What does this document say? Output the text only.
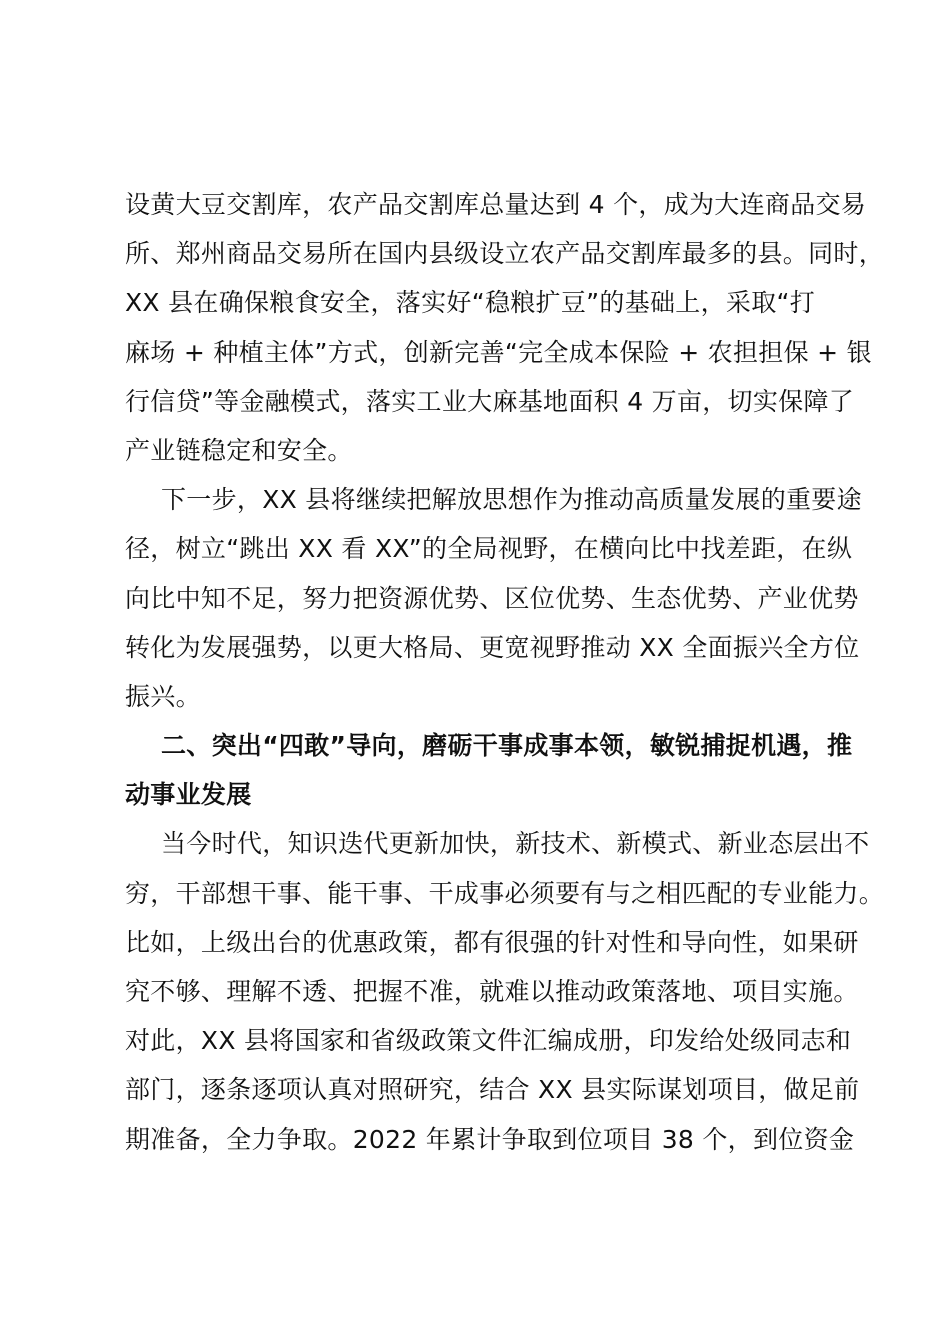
设黄大豆交割库，农产品交割库总量达到 4 个，成为大连商品交易
所、郑州商品交易所在国内县级设立农产品交割库最多的县。同时，
XX 县在确保粮食安全，落实好“稳粮扩豆”的基础上，采取“打
麻场 + 种植主体”方式，创新完善“完全成本保险 + 农担担保 + 银
行信贷”等金融模式，落实工业大麻基地面积 4 万亩，切实保障了
产业链稳定和安全。
下一步，XX 县将继续把解放思想作为推动高质量发展的重要途
径，树立“跳出 XX 看 XX”的全局视野，在横向比中找差距，在纵
向比中知不足，努力把资源优势、区位优势、生态优势、产业优势
转化为发展强势，以更大格局、更宽视野推动 XX 全面振兴全方位
振兴。
二、突出“四敢”导向，磨砺干事成事本领，敏锐捕捉机遇，推
动事业发展
当今时代，知识迭代更新加快，新技术、新模式、新业态层出不
穷，干部想干事、能干事、干成事必须要有与之相匹配的专业能力。
比如，上级出台的优惠政策，都有很强的针对性和导向性，如果研
究不够、理解不透、把握不准，就难以推动政策落地、项目实施。
对此，XX 县将国家和省级政策文件汇编成册，印发给处级同志和
部门，逐条逐项认真对照研究，结合 XX 县实际谋划项目，做足前
期准备，全力争取。2022 年累计争取到位项目 38 个，到位资金
